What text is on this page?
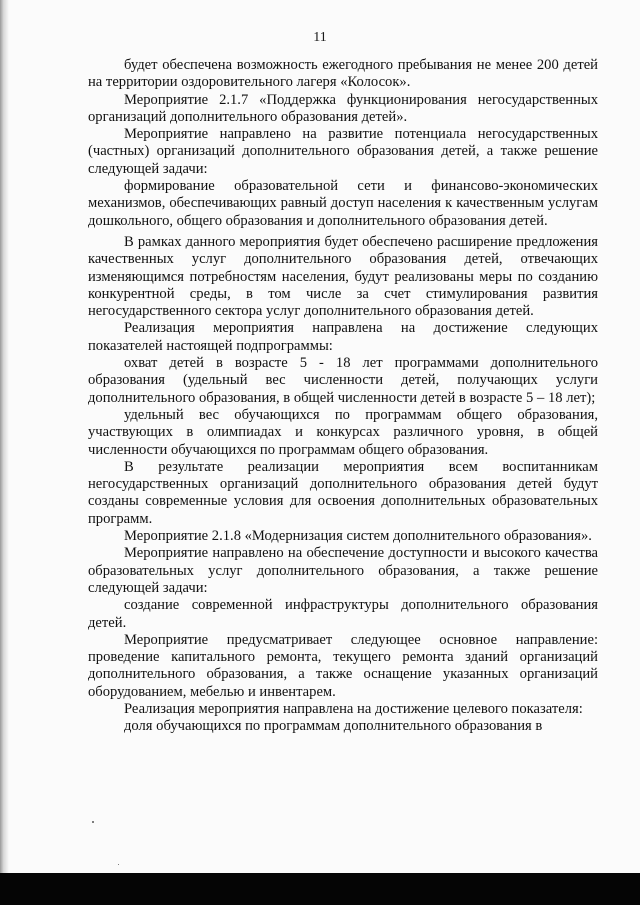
11

будет обеспечена возможность ежегодного пребывания не менее 200 детей на территории оздоровительного лагеря «Колосок».

Мероприятие 2.1.7 «Поддержка функционирования негосударственных организаций дополнительного образования детей».

Мероприятие направлено на развитие потенциала негосударственных (частных) организаций дополнительного образования детей, а также решение следующей задачи:

формирование образовательной сети и финансово-экономических механизмов, обеспечивающих равный доступ населения к качественным услугам дошкольного, общего образования и дополнительного образования детей.

В рамках данного мероприятия будет обеспечено расширение предложения качественных услуг дополнительного образования детей, отвечающих изменяющимся потребностям населения, будут реализованы меры по созданию конкурентной среды, в том числе за счет стимулирования развития негосударственного сектора услуг дополнительного образования детей.

Реализация мероприятия направлена на достижение следующих показателей настоящей подпрограммы:

охват детей в возрасте 5 - 18 лет программами дополнительного образования (удельный вес численности детей, получающих услуги дополнительного образования, в общей численности детей в возрасте 5 – 18 лет);

удельный вес обучающихся по программам общего образования, участвующих в олимпиадах и конкурсах различного уровня, в общей численности обучающихся по программам общего образования.

В результате реализации мероприятия всем воспитанникам негосударственных организаций дополнительного образования детей будут созданы современные условия для освоения дополнительных образовательных программ.

Мероприятие 2.1.8 «Модернизация систем дополнительного образования».

Мероприятие направлено на обеспечение доступности и высокого качества образовательных услуг дополнительного образования, а также решение следующей задачи:

создание современной инфраструктуры дополнительного образования детей.

Мероприятие предусматривает следующее основное направление: проведение капитального ремонта, текущего ремонта зданий организаций дополнительного образования, а также оснащение указанных организаций оборудованием, мебелью и инвентарем.

Реализация мероприятия направлена на достижение целевого показателя:

доля обучающихся по программам дополнительного образования в
